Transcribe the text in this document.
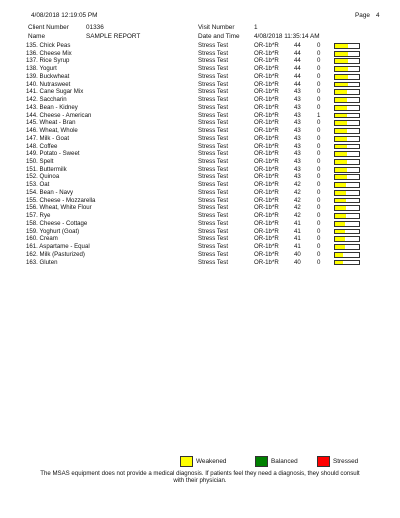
4/08/2018 12:19:05 PM	Page 4
Client Number	01336	Visit Number	1
Name	SAMPLE REPORT	Date and Time 4/08/2018 11:35:14 AM
135. Chick Peas	Stress Test	OR-1b*R	44	0
136. Cheese Mix	Stress Test	OR-1b*R	44	0
137. Rice Syrup	Stress Test	OR-1b*R	44	0
138. Yogurt	Stress Test	OR-1b*R	44	0
139. Buckwheat	Stress Test	OR-1b*R	44	0
140. Nutrasweet	Stress Test	OR-1b*R	44	0
141. Cane Sugar Mix	Stress Test	OR-1b*R	43	0
142. Saccharin	Stress Test	OR-1b*R	43	0
143. Bean - Kidney	Stress Test	OR-1b*R	43	0
144. Cheese - American	Stress Test	OR-1b*R	43	1
145. Wheat - Bran	Stress Test	OR-1b*R	43	0
146. Wheat, Whole	Stress Test	OR-1b*R	43	0
147. Milk - Goat	Stress Test	OR-1b*R	43	0
148. Coffee	Stress Test	OR-1b*R	43	0
149. Potato - Sweet	Stress Test	OR-1b*R	43	0
150. Spelt	Stress Test	OR-1b*R	43	0
151. Buttermilk	Stress Test	OR-1b*R	43	0
152. Quinoa	Stress Test	OR-1b*R	43	0
153. Oat	Stress Test	OR-1b*R	42	0
154. Bean - Navy	Stress Test	OR-1b*R	42	0
155. Cheese - Mozzarella	Stress Test	OR-1b*R	42	0
156. Wheat, White Flour	Stress Test	OR-1b*R	42	0
157. Rye	Stress Test	OR-1b*R	42	0
158. Cheese - Cottage	Stress Test	OR-1b*R	41	0
159. Yoghurt (Goat)	Stress Test	OR-1b*R	41	0
160. Cream	Stress Test	OR-1b*R	41	0
161. Aspartame - Equal	Stress Test	OR-1b*R	41	0
162. Milk (Pasturized)	Stress Test	OR-1b*R	40	0
163. Gluten	Stress Test	OR-1b*R	40	0
Weakened	Balanced	Stressed
The MSAS equipment does not provide a medical diagnosis. If patients feel they need a diagnosis, they should consult with their physician.
